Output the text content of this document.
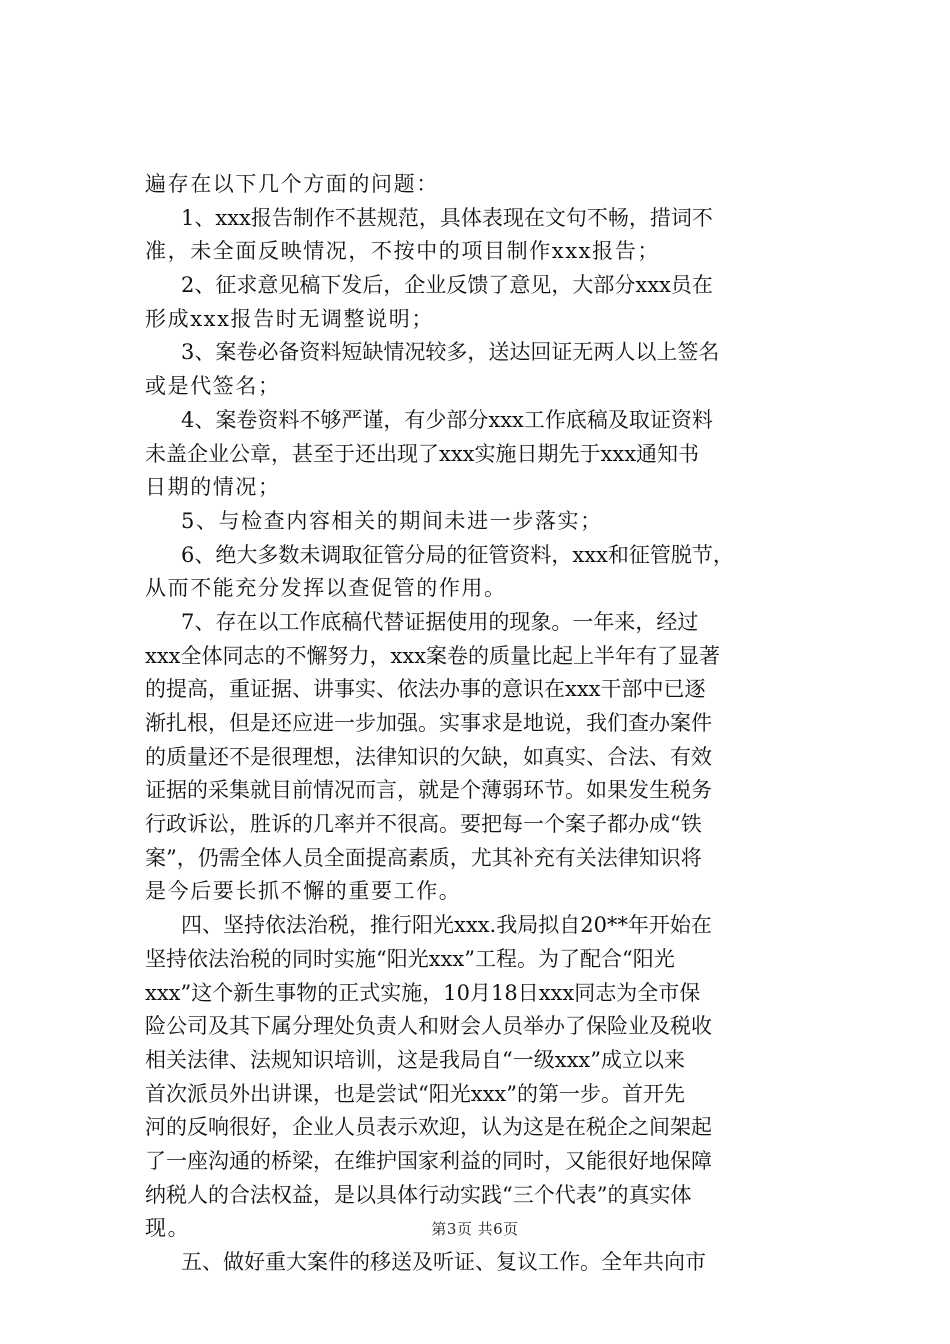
遍存在以下几个方面的问题：
1、xxx报告制作不甚规范，具体表现在文句不畅，措词不
准，未全面反映情况，不按中的项目制作xxx报告；
2、征求意见稿下发后，企业反馈了意见，大部分xxx员在
形成xxx报告时无调整说明；
3、案卷必备资料短缺情况较多，送达回证无两人以上签名
或是代签名；
4、案卷资料不够严谨，有少部分xxx工作底稿及取证资料
未盖企业公章，甚至于还出现了xxx实施日期先于xxx通知书
日期的情况；
5、与检查内容相关的期间未进一步落实；
6、绝大多数未调取征管分局的征管资料，xxx和征管脱节，
从而不能充分发挥以查促管的作用。
7、存在以工作底稿代替证据使用的现象。一年来，经过
xxx全体同志的不懈努力，xxx案卷的质量比起上半年有了显著
的提高，重证据、讲事实、依法办事的意识在xxx干部中已逐
渐扎根，但是还应进一步加强。实事求是地说，我们查办案件
的质量还不是很理想，法律知识的欠缺，如真实、合法、有效
证据的采集就目前情况而言，就是个薄弱环节。如果发生税务
行政诉讼，胜诉的几率并不很高。要把每一个案子都办成“铁
案”，仍需全体人员全面提高素质，尤其补充有关法律知识将
是今后要长抓不懈的重要工作。
四、坚持依法治税，推行阳光xxx.我局拟自20**年开始在
坚持依法治税的同时实施“阳光xxx”工程。为了配合“阳光
xxx”这个新生事物的正式实施，10月18日xxx同志为全市保
险公司及其下属分理处负责人和财会人员举办了保险业及税收
相关法律、法规知识培训，这是我局自“一级xxx”成立以来
首次派员外出讲课，也是尝试“阳光xxx”的第一步。首开先
河的反响很好，企业人员表示欢迎，认为这是在税企之间架起
了一座沟通的桥梁，在维护国家利益的同时，又能很好地保障
纳税人的合法权益，是以具体行动实践“三个代表”的真实体
现。
五、做好重大案件的移送及听证、复议工作。全年共向市
第3页 共6页
